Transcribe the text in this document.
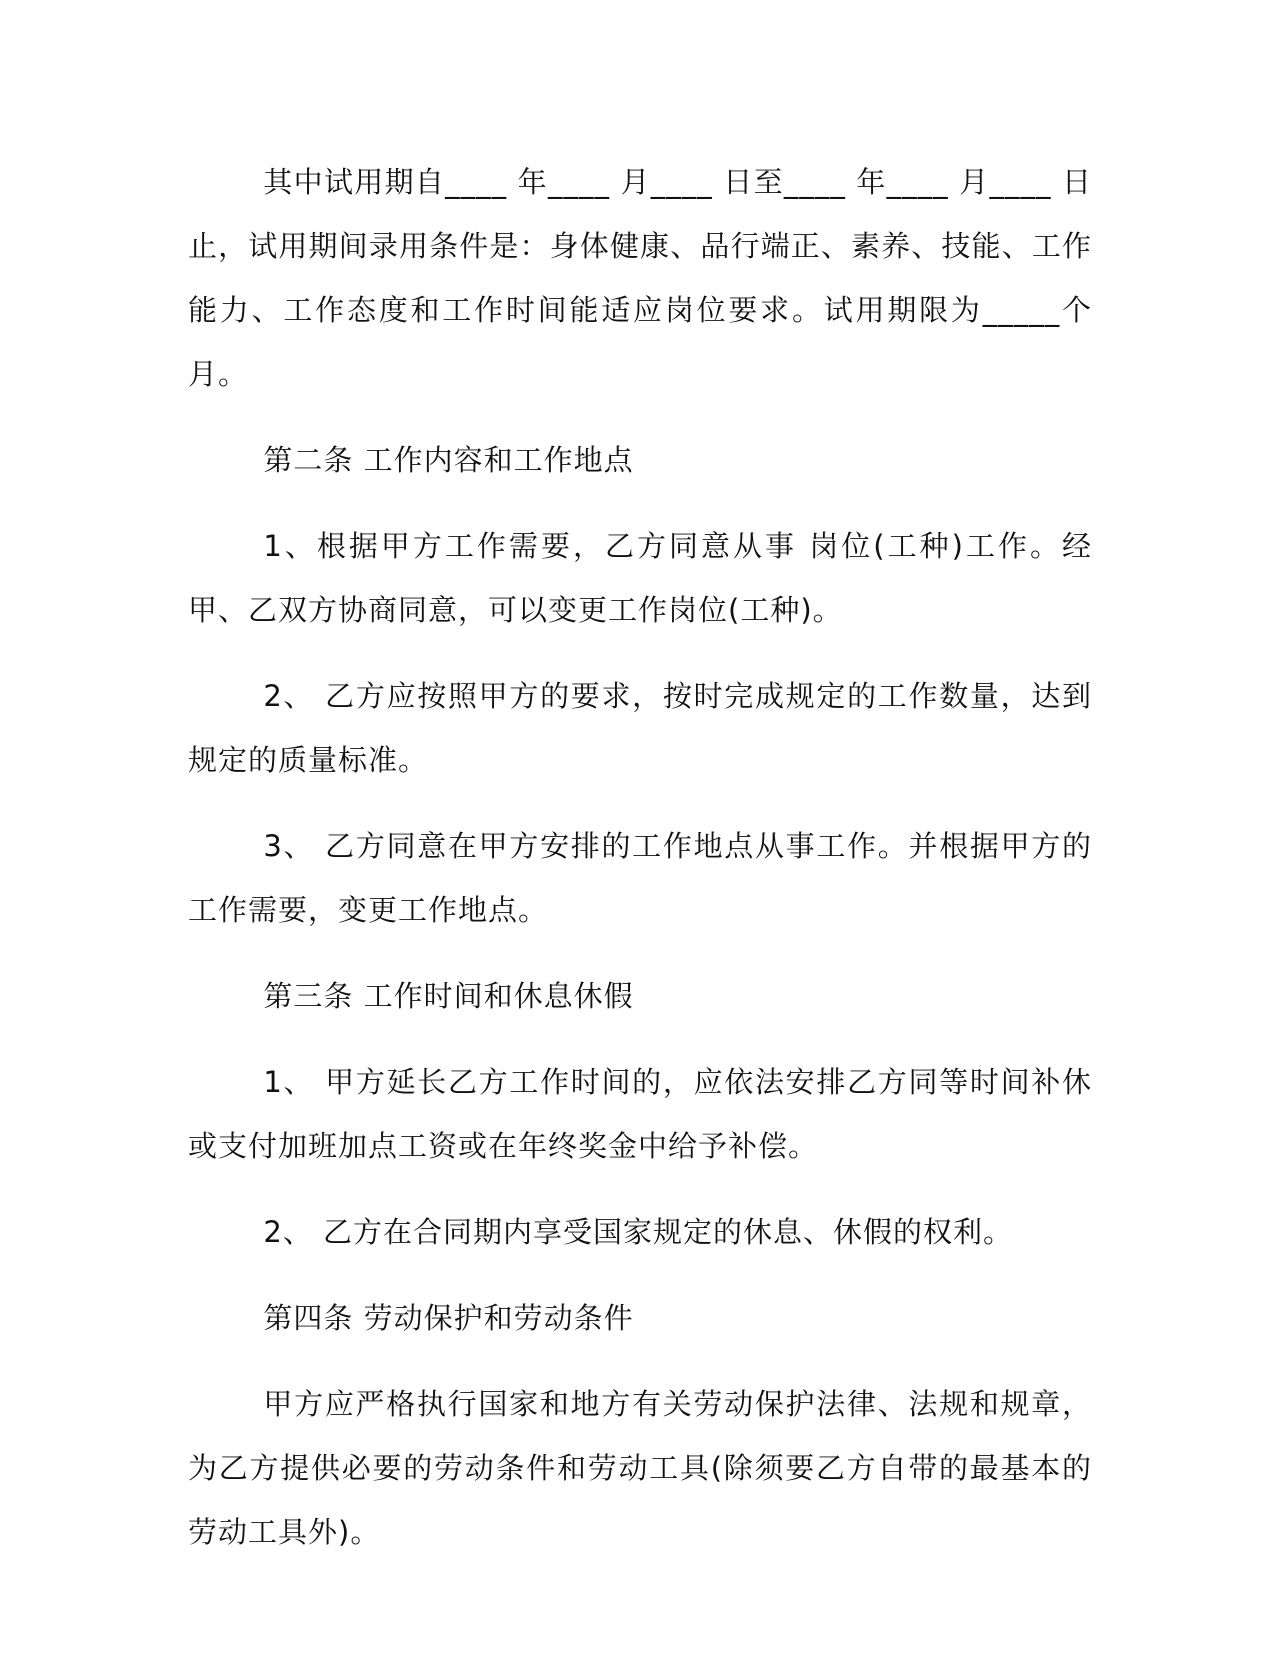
其中试用期自____ 年____ 月____ 日至____ 年____ 月____ 日止，试用期间录用条件是：身体健康、品行端正、素养、技能、工作能力、工作态度和工作时间能适应岗位要求。试用期限为_____个月。

第二条 工作内容和工作地点

1、根据甲方工作需要，乙方同意从事 岗位(工种)工作。经甲、乙双方协商同意，可以变更工作岗位(工种)。

2、 乙方应按照甲方的要求，按时完成规定的工作数量，达到规定的质量标准。

3、 乙方同意在甲方安排的工作地点从事工作。并根据甲方的工作需要，变更工作地点。

第三条 工作时间和休息休假

1、 甲方延长乙方工作时间的，应依法安排乙方同等时间补休或支付加班加点工资或在年终奖金中给予补偿。

2、 乙方在合同期内享受国家规定的休息、休假的权利。

第四条 劳动保护和劳动条件

甲方应严格执行国家和地方有关劳动保护法律、法规和规章，为乙方提供必要的劳动条件和劳动工具(除须要乙方自带的最基本的劳动工具外)。
